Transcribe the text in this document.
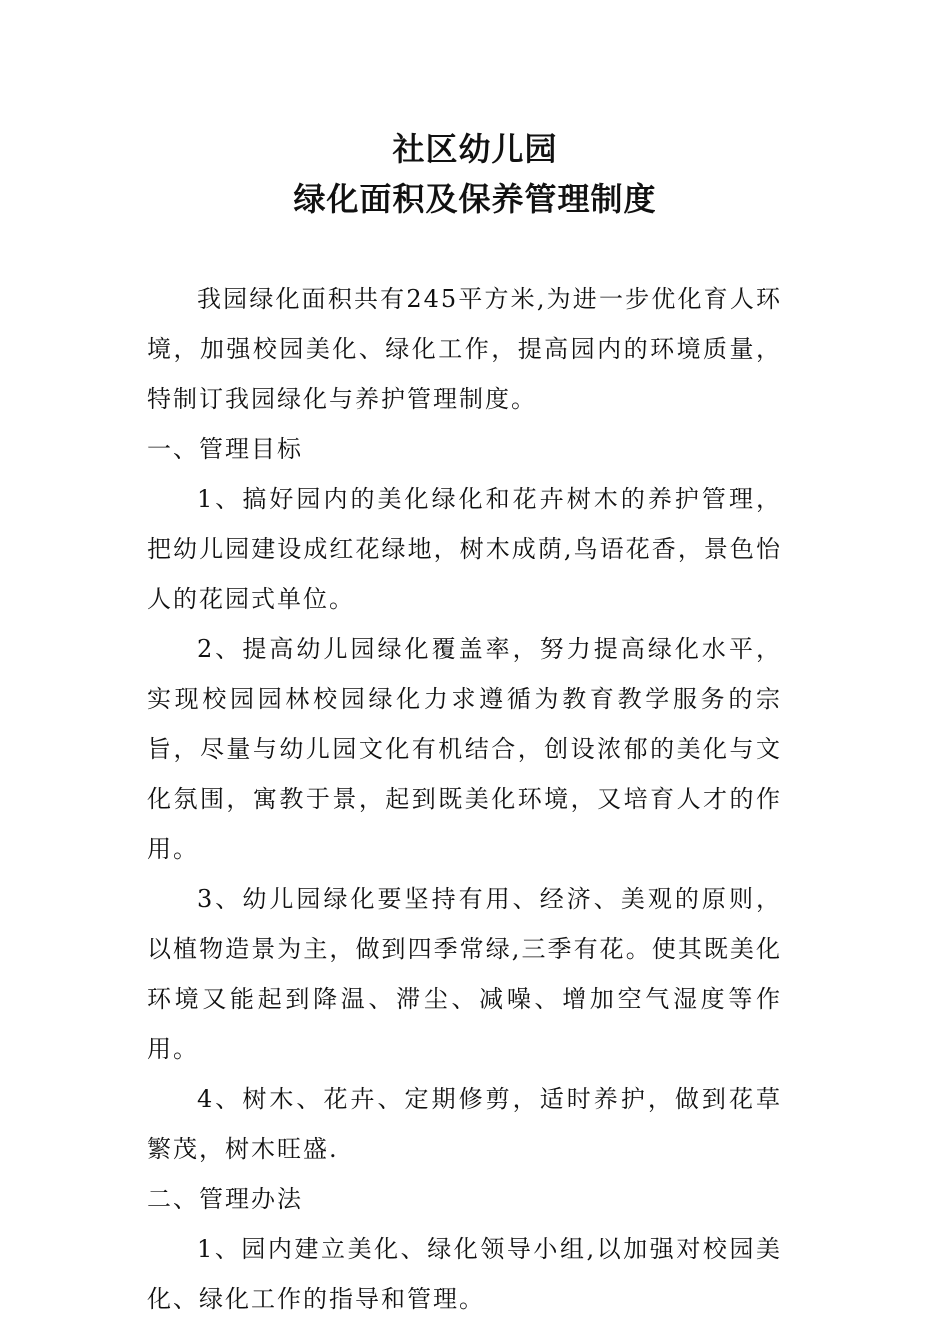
社区幼儿园
绿化面积及保养管理制度

我园绿化面积共有245平方米,为进一步优化育人环境，加强校园美化、绿化工作，提高园内的环境质量，特制订我园绿化与养护管理制度。

一、管理目标

1、搞好园内的美化绿化和花卉树木的养护管理，把幼儿园建设成红花绿地，树木成荫,鸟语花香，景色怡人的花园式单位。

2、提高幼儿园绿化覆盖率，努力提高绿化水平，实现校园园林校园绿化力求遵循为教育教学服务的宗旨，尽量与幼儿园文化有机结合，创设浓郁的美化与文化氛围，寓教于景，起到既美化环境，又培育人才的作用。

3、幼儿园绿化要坚持有用、经济、美观的原则，以植物造景为主，做到四季常绿,三季有花。使其既美化环境又能起到降温、滞尘、减噪、增加空气湿度等作用。

4、树木、花卉、定期修剪，适时养护，做到花草繁茂，树木旺盛.

二、管理办法

1、园内建立美化、绿化领导小组,以加强对校园美化、绿化工作的指导和管理。
